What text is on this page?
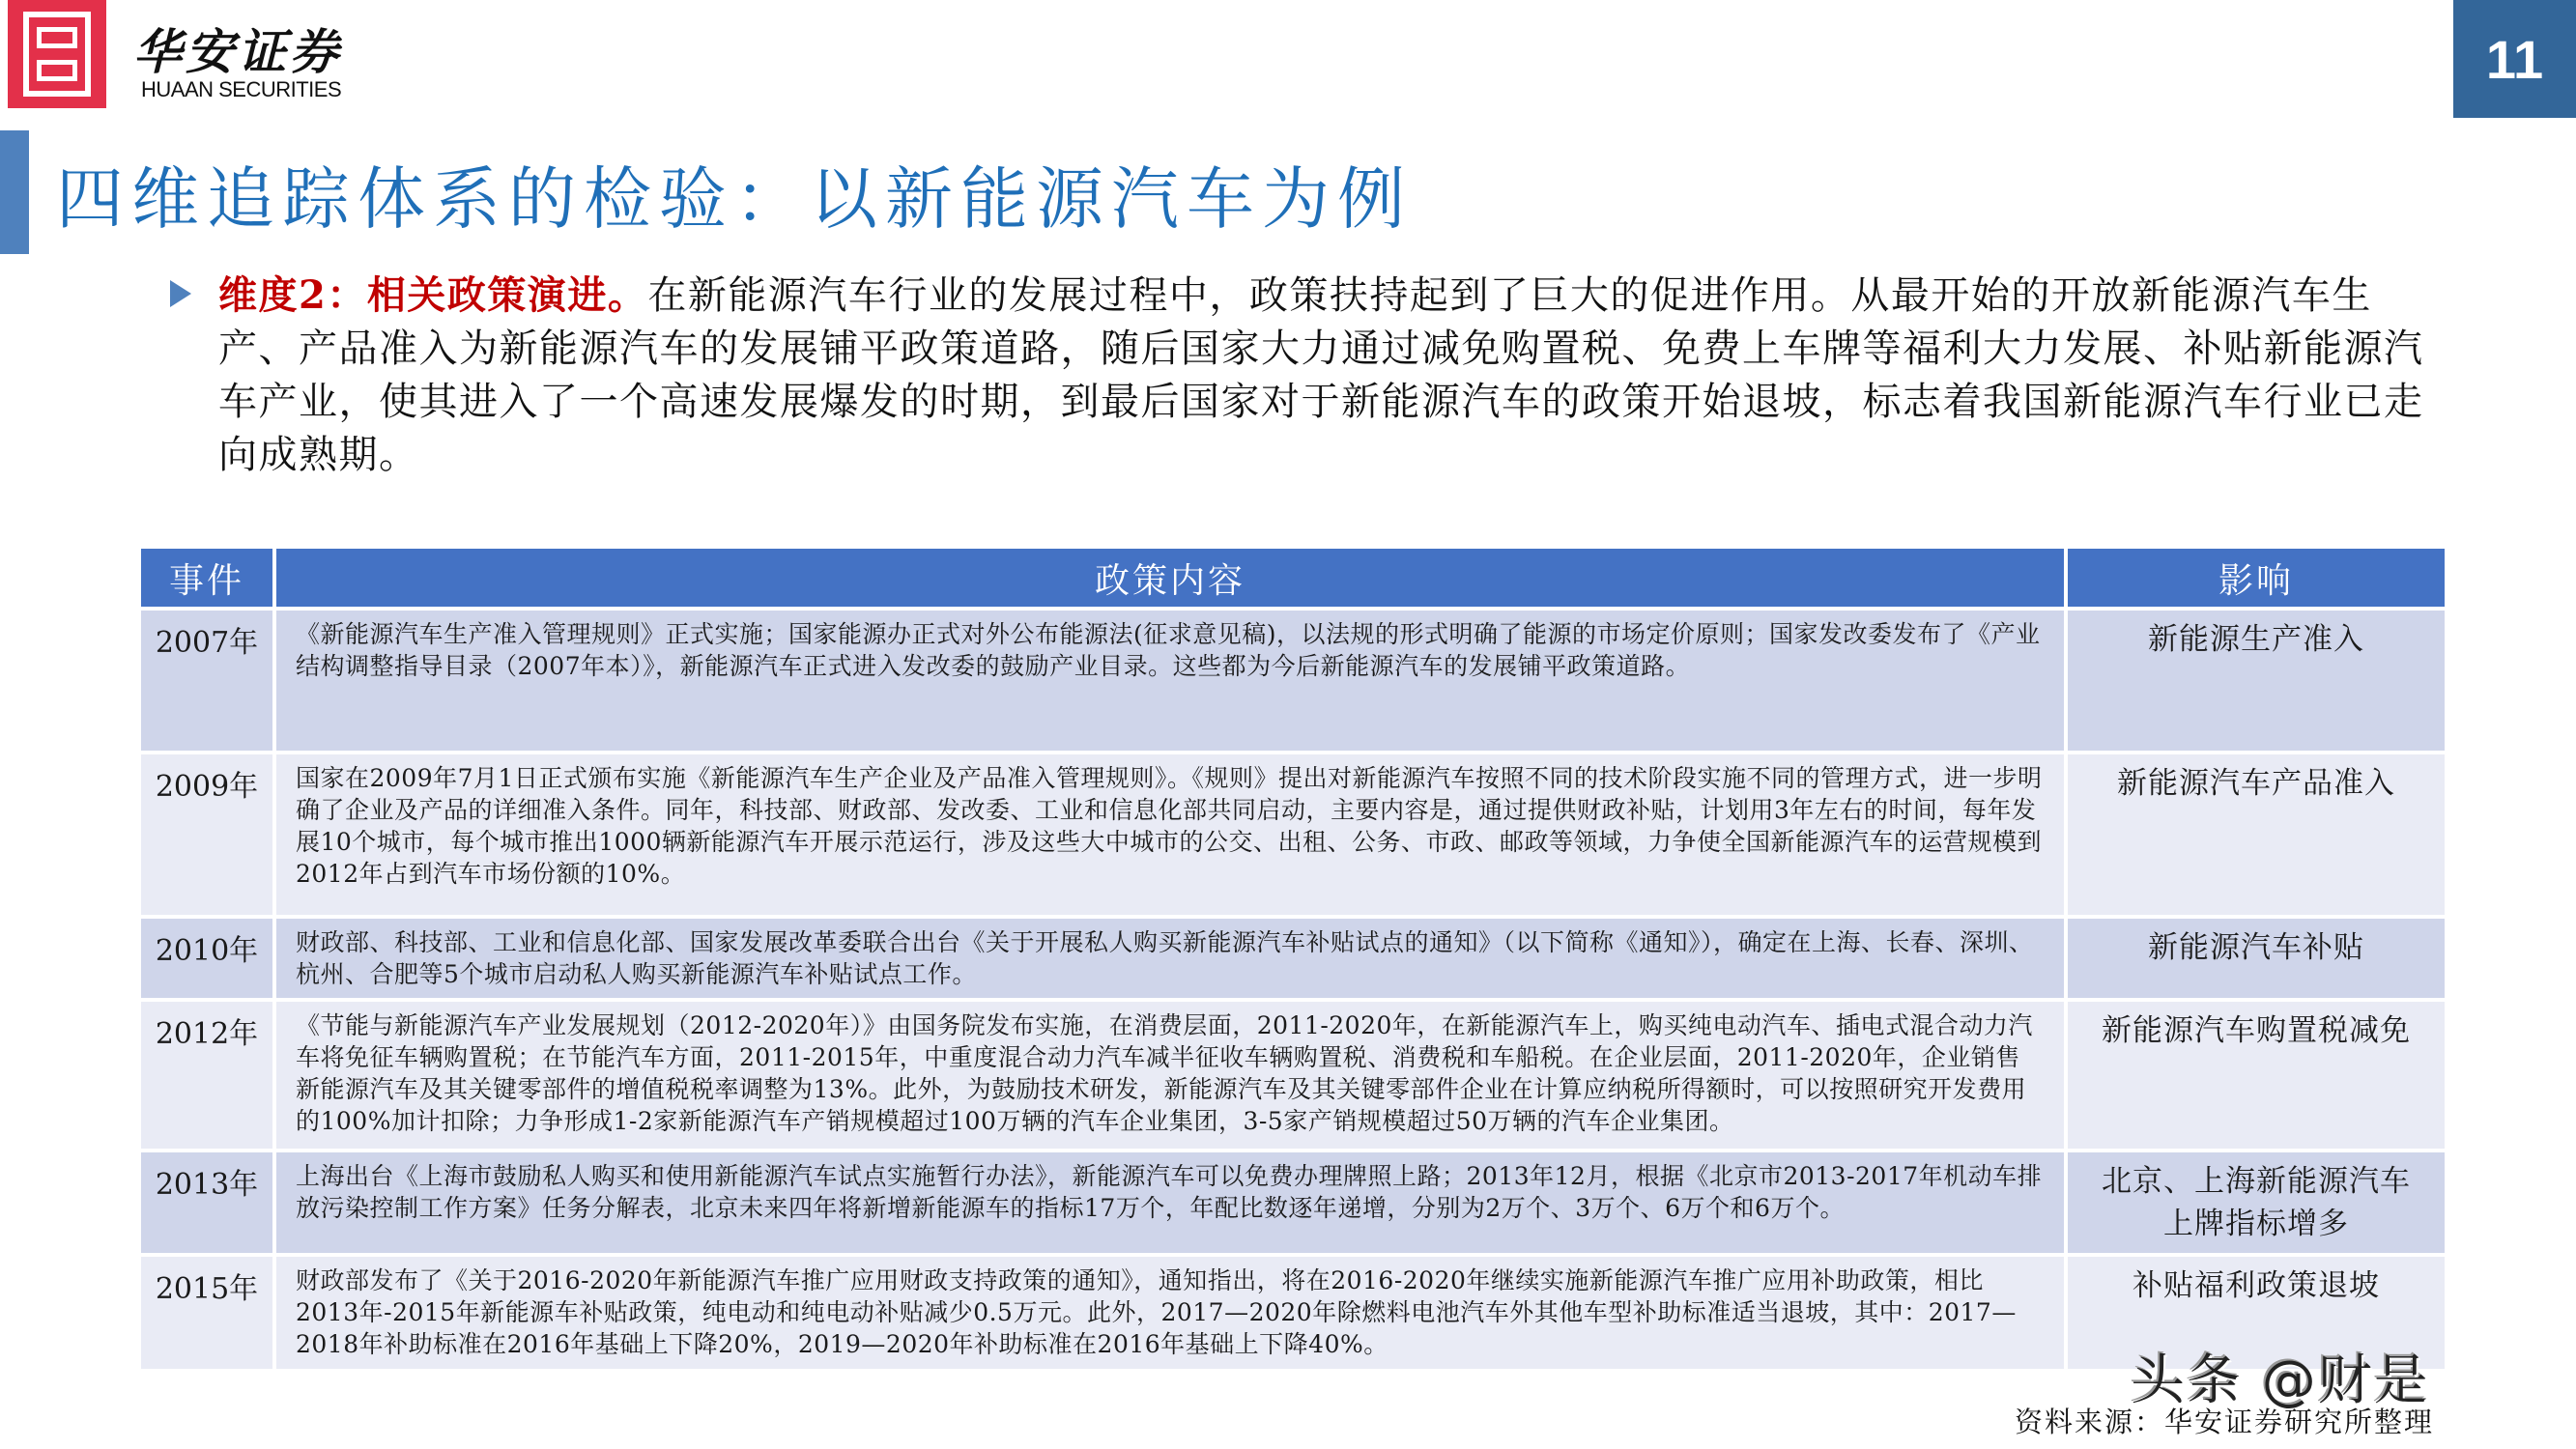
华安证券
HUAAN SECURITIES	11
四维追踪体系的检验：以新能源汽车为例
维度2：相关政策演进。在新能源汽车行业的发展过程中，政策扶持起到了巨大的促进作用。从最开始的开放新能源汽车生产、产品准入为新能源汽车的发展铺平政策道路，随后国家大力通过减免购置税、免费上车牌等福利大力发展、补贴新能源汽车产业，使其进入了一个高速发展爆发的时期，到最后国家对于新能源汽车的政策开始退坡，标志着我国新能源汽车行业已走向成熟期。
事件	政策内容	影响
2007年	《新能源汽车生产准入管理规则》正式实施；国家能源办正式对外公布能源法(征求意见稿)，以法规的形式明确了能源的市场定价原则；国家发改委发布了《产业结构调整指导目录（2007年本）》，新能源汽车正式进入发改委的鼓励产业目录。这些都为今后新能源汽车的发展铺平政策道路。	新能源生产准入
2009年	国家在2009年7月1日正式颁布实施《新能源汽车生产企业及产品准入管理规则》。《规则》提出对新能源汽车按照不同的技术阶段实施不同的管理方式，进一步明确了企业及产品的详细准入条件。同年，科技部、财政部、发改委、工业和信息化部共同启动，主要内容是，通过提供财政补贴，计划用3年左右的时间，每年发展10个城市，每个城市推出1000辆新能源汽车开展示范运行，涉及这些大中城市的公交、出租、公务、市政、邮政等领域，力争使全国新能源汽车的运营规模到2012年占到汽车市场份额的10%。	新能源汽车产品准入
2010年	财政部、科技部、工业和信息化部、国家发展改革委联合出台《关于开展私人购买新能源汽车补贴试点的通知》（以下简称《通知》），确定在上海、长春、深圳、杭州、合肥等5个城市启动私人购买新能源汽车补贴试点工作。	新能源汽车补贴
2012年	《节能与新能源汽车产业发展规划（2012-2020年）》由国务院发布实施，在消费层面，2011-2020年，在新能源汽车上，购买纯电动汽车、插电式混合动力汽车将免征车辆购置税；在节能汽车方面，2011-2015年，中重度混合动力汽车减半征收车辆购置税、消费税和车船税。在企业层面，2011-2020年，企业销售新能源汽车及其关键零部件的增值税税率调整为13%。此外，为鼓励技术研发，新能源汽车及其关键零部件企业在计算应纳税所得额时，可以按照研究开发费用的100%加计扣除；力争形成1-2家新能源汽车产销规模超过100万辆的汽车企业集团，3-5家产销规模超过50万辆的汽车企业集团。	新能源汽车购置税减免
2013年	上海出台《上海市鼓励私人购买和使用新能源汽车试点实施暂行办法》，新能源汽车可以免费办理牌照上路；2013年12月，根据《北京市2013-2017年机动车排放污染控制工作方案》任务分解表，北京未来四年将新增新能源车的指标17万个，年配比数逐年递增，分别为2万个、3万个、6万个和6万个。	北京、上海新能源汽车上牌指标增多
2015年	财政部发布了《关于2016-2020年新能源汽车推广应用财政支持政策的通知》，通知指出，将在2016-2020年继续实施新能源汽车推广应用补助政策，相比2013年-2015年新能源车补贴政策，纯电动和纯电动补贴减少0.5万元。此外，2017—2020年除燃料电池汽车外其他车型补助标准适当退坡，其中：2017—2018年补助标准在2016年基础上下降20%，2019—2020年补助标准在2016年基础上下降40%。	补贴福利政策退坡
头条 @财是
资料来源：华安证券研究所整理
